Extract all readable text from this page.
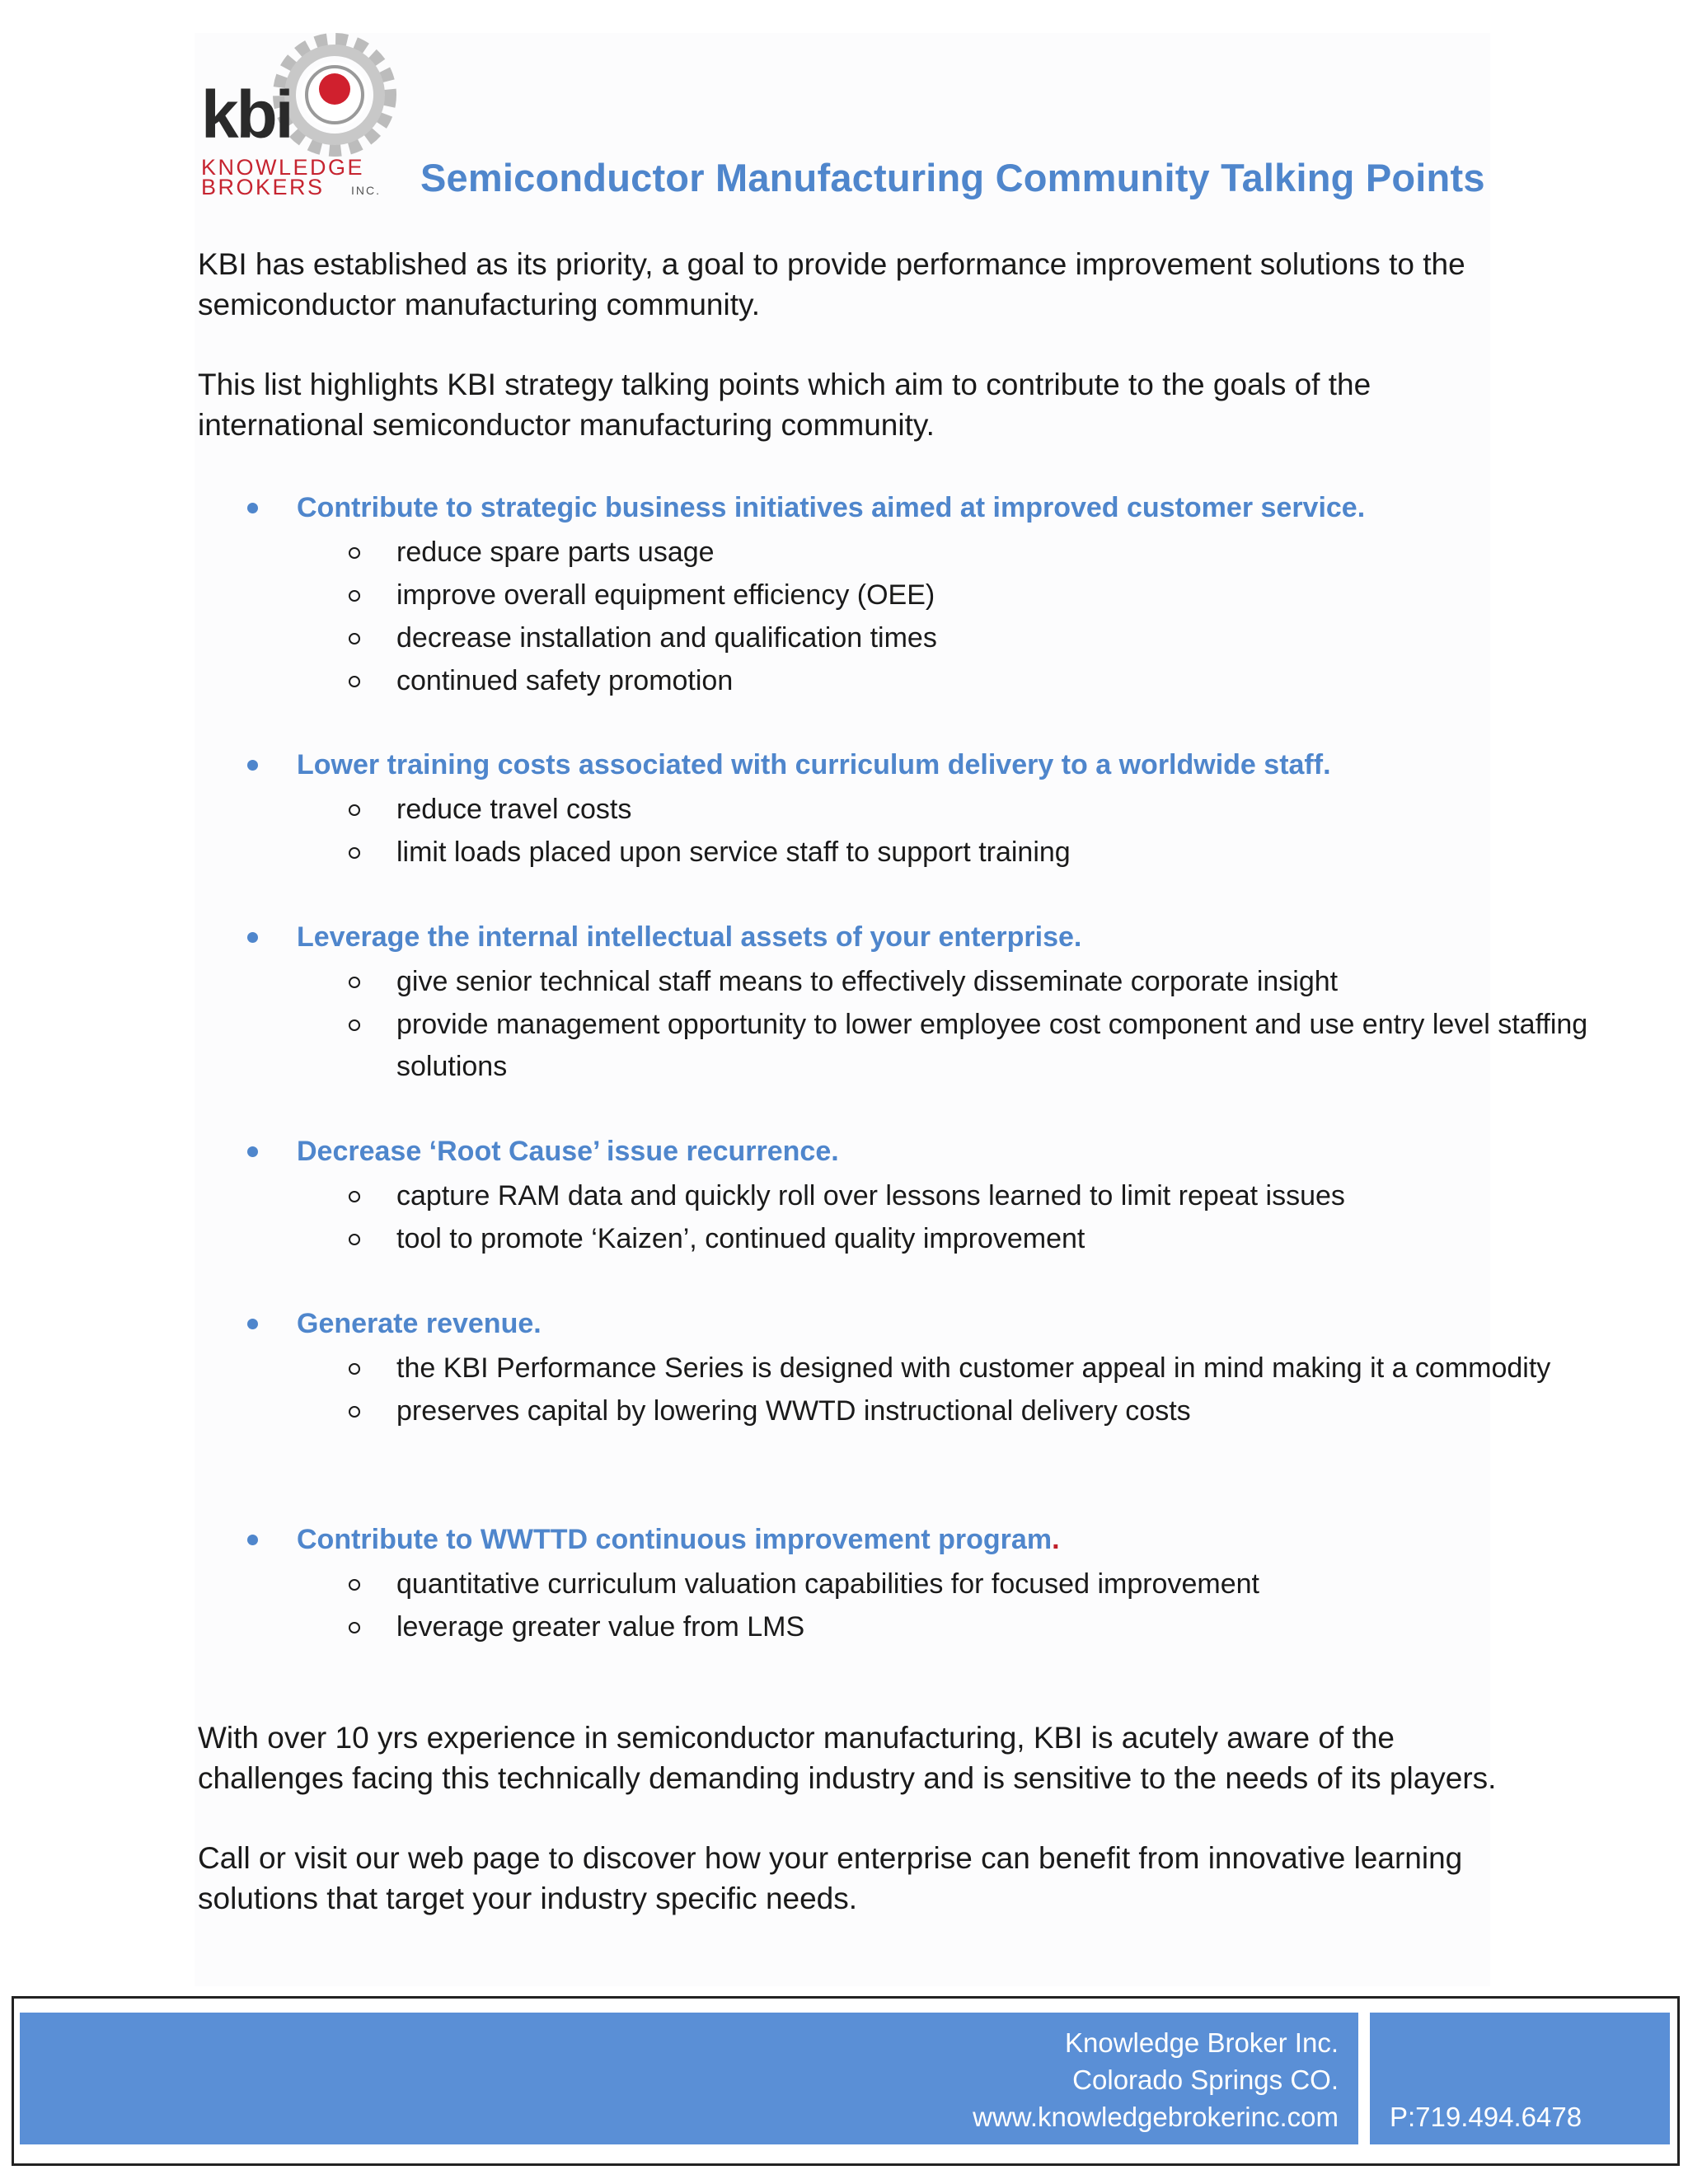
kbi
KNOWLEDGE
BROKERS INC. Semiconductor Manufacturing Community Talking Points
KBI has established as its priority, a goal to provide performance improvement solutions to the semiconductor manufacturing community.
This list highlights KBI strategy talking points which aim to contribute to the goals of the international semiconductor manufacturing community.
Contribute to strategic business initiatives aimed at improved customer service.
reduce spare parts usage
improve overall equipment efficiency (OEE)
decrease installation and qualification times
continued safety promotion
Lower training costs associated with curriculum delivery to a worldwide staff.
reduce travel costs
limit loads placed upon service staff to support training
Leverage the internal intellectual assets of your enterprise.
give senior technical staff means to effectively disseminate corporate insight
provide management opportunity to lower employee cost component and use entry level staffing solutions
Decrease ‘Root Cause’ issue recurrence.
capture RAM data and quickly roll over lessons learned to limit repeat issues
tool to promote ‘Kaizen’, continued quality improvement
Generate revenue.
the KBI Performance Series is designed with customer appeal in mind making it a commodity
preserves capital by lowering WWTD instructional delivery costs
Contribute to WWTTD continuous improvement program.
quantitative curriculum valuation capabilities for focused improvement
leverage greater value from LMS
With over 10 yrs experience in semiconductor manufacturing, KBI is acutely aware of the challenges facing this technically demanding industry and is sensitive to the needs of its players.
Call or visit our web page to discover how your enterprise can benefit from innovative learning solutions that target your industry specific needs.
Knowledge Broker Inc.
Colorado Springs CO.
www.knowledgebrokerinc.com P:719.494.6478
